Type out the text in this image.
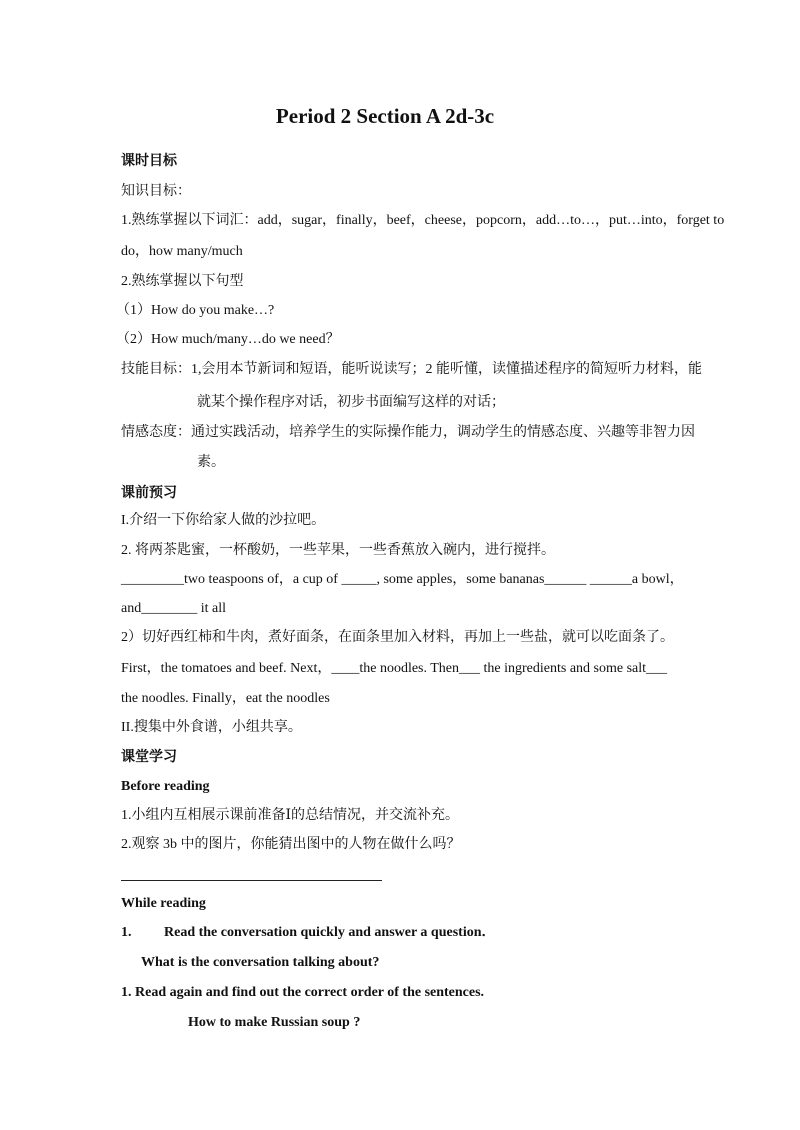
Period 2 Section A 2d-3c
课时目标
知识目标：
1.熟练掌握以下词汇：add，sugar，finally，beef，cheese，popcorn，add…to…，put…into，forget to
do，how many/much
2.熟练掌握以下句型
（1）How do you make…?
（2）How much/many…do we need？
技能目标：1,会用本节新词和短语，能听说读写；2 能听懂，读懂描述程序的简短听力材料，能
就某个操作程序对话，初步书面编写这样的对话；
情感态度：通过实践活动，培养学生的实际操作能力，调动学生的情感态度、兴趣等非智力因
素。
课前预习
I.介绍一下你给家人做的沙拉吧。
2. 将两茶匙蜜，一杯酸奶，一些苹果，一些香蕉放入碗内，进行搅拌。
_________two teaspoons of，a cup of _____, some apples，some bananas______ ______a bowl，
and________ it all
2）切好西红柿和牛肉，煮好面条，在面条里加入材料，再加上一些盐，就可以吃面条了。
First，the tomatoes and beef. Next，____the noodles. Then___ the ingredients and some salt___
the noodles. Finally，eat the noodles
II.搜集中外食谱，小组共享。
课堂学习
Before reading
1.小组内互相展示课前准备Ⅰ的总结情况，并交流补充。
2.观察 3b 中的图片，你能猜出图中的人物在做什么吗？
While reading
1. Read the conversation quickly and answer a question．
What is the conversation talking about?
1. Read again and find out the correct order of the sentences.
How to make Russian soup ?
